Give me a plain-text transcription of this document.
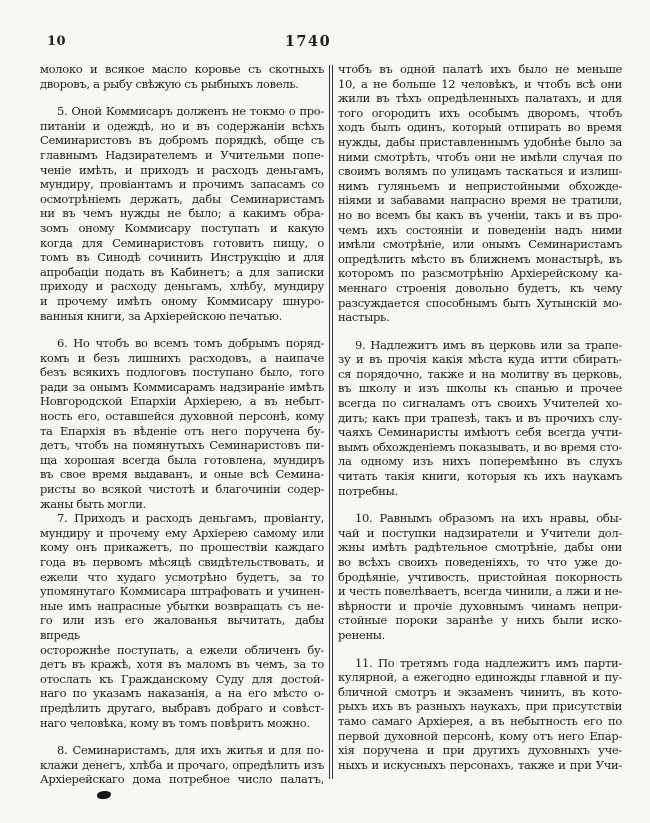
10	1740
молоко и всякое масло коровье съ скотныхъ
дворовъ, а рыбу свѣжую съ рыбныхъ ловель.
5. Оной Коммисаръ долженъ не токмо о про-
питаніи и одеждѣ, но и въ содержаніи всѣхъ
Семинаристовъ въ добромъ порядкѣ, обще съ
главнымъ Надзирателемъ и Учительми попе-
ченіе имѣть, и приходъ и расходъ деньгамъ,
мундиру, провіантамъ и прочимъ запасамъ со
осмотрѣніемъ держать, дабы Семинаристамъ
ни въ чемъ нужды не было; а какимъ обра-
зомъ оному Коммисару поступать и какую
когда для Семинаристовъ готовить пищу, о
томъ въ Синодѣ сочинить Инструкцію и для
апробаціи подать въ Кабинетъ; а для записки
приходу и расходу деньгамъ, хлѣбу, мундиру
и прочему имѣть оному Коммисару шнуро-
ванныя книги, за Архіерейскою печатью.
6. Но чтобъ во всемъ томъ добрымъ поряд-
комъ и безъ лишнихъ расходовъ, а наипаче
безъ всякихъ подлоговъ поступано было, того
ради за онымъ Коммисарамъ надзираніе имѣть
Новгородской Епархіи Архіерею, а въ небыт-
ность его, оставшейся духовной персонѣ, кому
та Епархія въ вѣденіе отъ него поручена бу-
детъ, чтобъ на помянутыхъ Семинаристовъ пи-
ща хорошая всегда была готовлена, мундиръ
въ свое время выдаванъ, и оные всѣ Семина-
ристы во всякой чистотѣ и благочиніи содер-
жаны быть могли.
7. Приходъ и расходъ деньгамъ, провіанту,
мундиру и прочему ему Архіерею самому или
кому онъ прикажетъ, по прошествіи каждаго
года въ первомъ мѣсяцѣ свидѣтельствовать, и
ежели что худаго усмотрѣно будетъ, за то
упомянутаго Коммисара штрафовать и учинен-
ные имъ напрасные убытки возвращать съ не-
го или изъ его жалованья вычитать, дабы впредь
осторожнѣе поступать, а ежели обличенъ бу-
детъ въ кражѣ, хотя въ маломъ въ чемъ, за то
отослать къ Гражданскому Суду для достой-
наго по указамъ наказанія, а на его мѣсто о-
предѣлить другаго, выбравъ добраго и совѣст-
наго человѣка, кому въ томъ повѣрить можно.
8. Семинаристамъ, для ихъ житья и для по-
клажи денегъ, хлѣба и прочаго, опредѣлить изъ
Архіерейскаго дома потребное число палатъ,
чтобъ въ одной палатѣ ихъ было не меньше
10, а не больше 12 человѣкъ, и чтобъ всѣ они
жили въ тѣхъ опредѣленныхъ палатахъ, и для
того огородить ихъ особымъ дворомъ, чтобъ
ходъ былъ одинъ, который отпирать во время
нужды, дабы приставленнымъ удобнѣе было за
ними смотрѣть, чтобъ они не имѣли случая по
своимъ волямъ по улицамъ таскаться и излиш-
нимъ гуляньемъ и непристойными обхожде-
ніями и забавами напрасно время не тратили,
но во всемъ бы какъ въ ученіи, такъ и въ про-
чемъ ихъ состояніи и поведеніи надъ ними
имѣли смотрѣніе, или онымъ Семинаристамъ
опредѣлить мѣсто въ ближнемъ монастырѣ, въ
которомъ по разсмотрѣнію Архіерейскому ка-
меннаго строенія довольно будетъ, къ чему
разсуждается способнымъ быть Хутынскій мо-
настырь.
9. Надлежитъ имъ въ церковь или за трапе-
зу и въ прочія какія мѣста куда итти сбирать-
ся порядочно, также и на молитву въ церковь,
въ школу и изъ школы къ спанью и прочее
всегда по сигналамъ отъ своихъ Учителей хо-
дить; какъ при трапезѣ, такъ и въ прочихъ слу-
чаяхъ Семинаристы имѣютъ себя всегда учти-
вымъ обхожденіемъ показывать, и во время сто-
ла одному изъ нихъ поперемѣнно въ слухъ
читать такія книги, которыя къ ихъ наукамъ
потребны.
10. Равнымъ образомъ на ихъ нравы, обы-
чай и поступки надзиратели и Учители дол-
жны имѣть радѣтельное смотрѣніе, дабы они
во всѣхъ своихъ поведеніяхъ, то что уже до-
бродѣяніе, учтивость, пристойная покорность
и честь повелѣваетъ, всегда чинили, а лжи и не-
вѣрности и прочіе духовнымъ чинамъ непри-
стойные пороки заранѣе у нихъ были иско-
ренены.
11. По третямъ года надлежитъ имъ парти-
кулярной, а ежегодно единожды главной и пу-
бличной смотръ и экзаменъ чинить, въ кото-
рыхъ ихъ въ разныхъ наукахъ, при присутствіи
тамо самаго Архіерея, а въ небытность его по
первой духовной персонѣ, кому отъ него Епар-
хія поручена и при другихъ духовныхъ уче-
ныхъ и искусныхъ персонахъ, также и при Учи-
